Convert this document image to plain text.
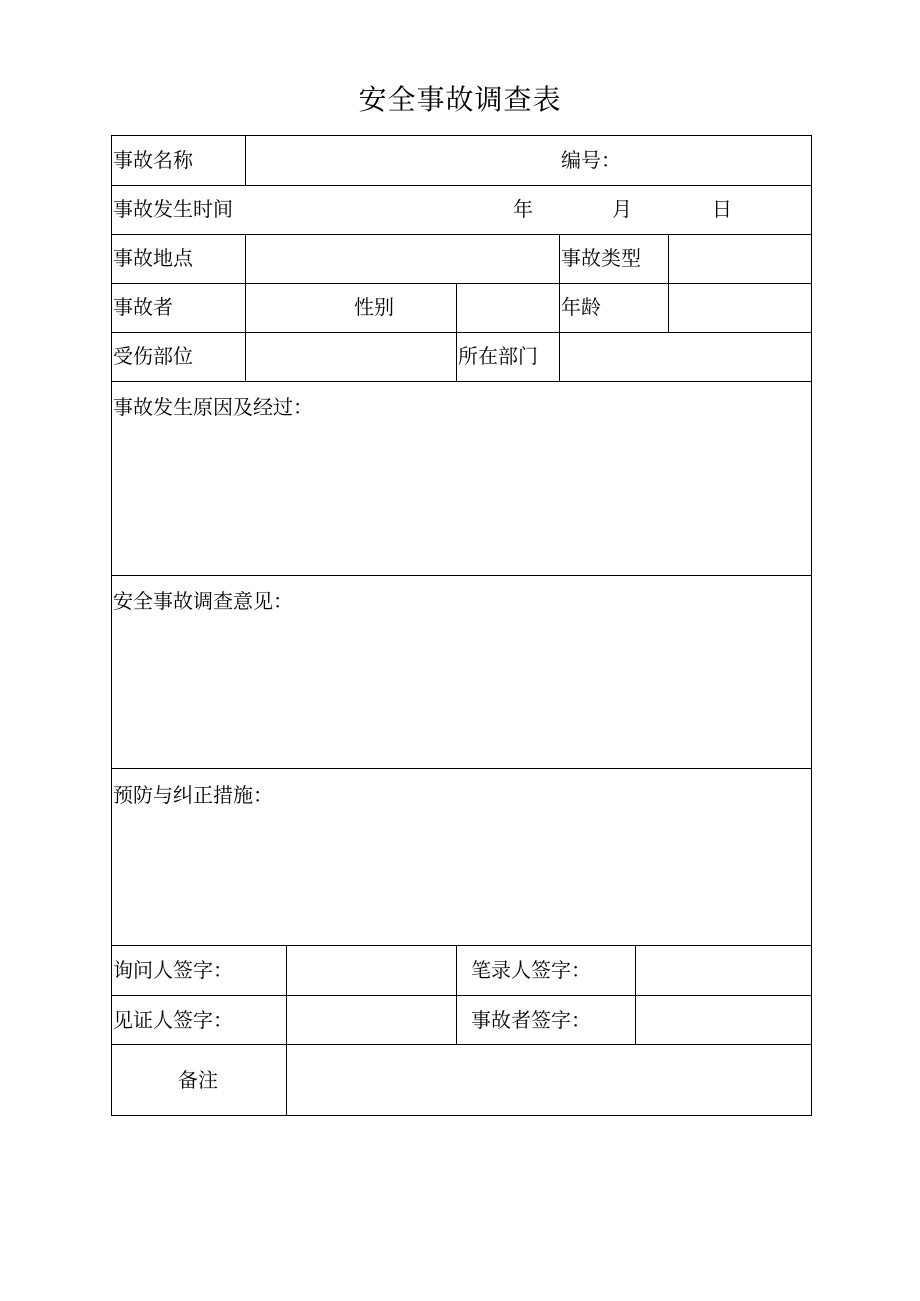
安全事故调查表
事故名称	编号：
事故发生时间	年	月	日
事故地点	事故类型
事故者	性别	年龄
受伤部位	所在部门
事故发生原因及经过：
安全事故调查意见：
预防与纠正措施：
询问人签字：	笔录人签字：
见证人签字：	事故者签字：
备注
